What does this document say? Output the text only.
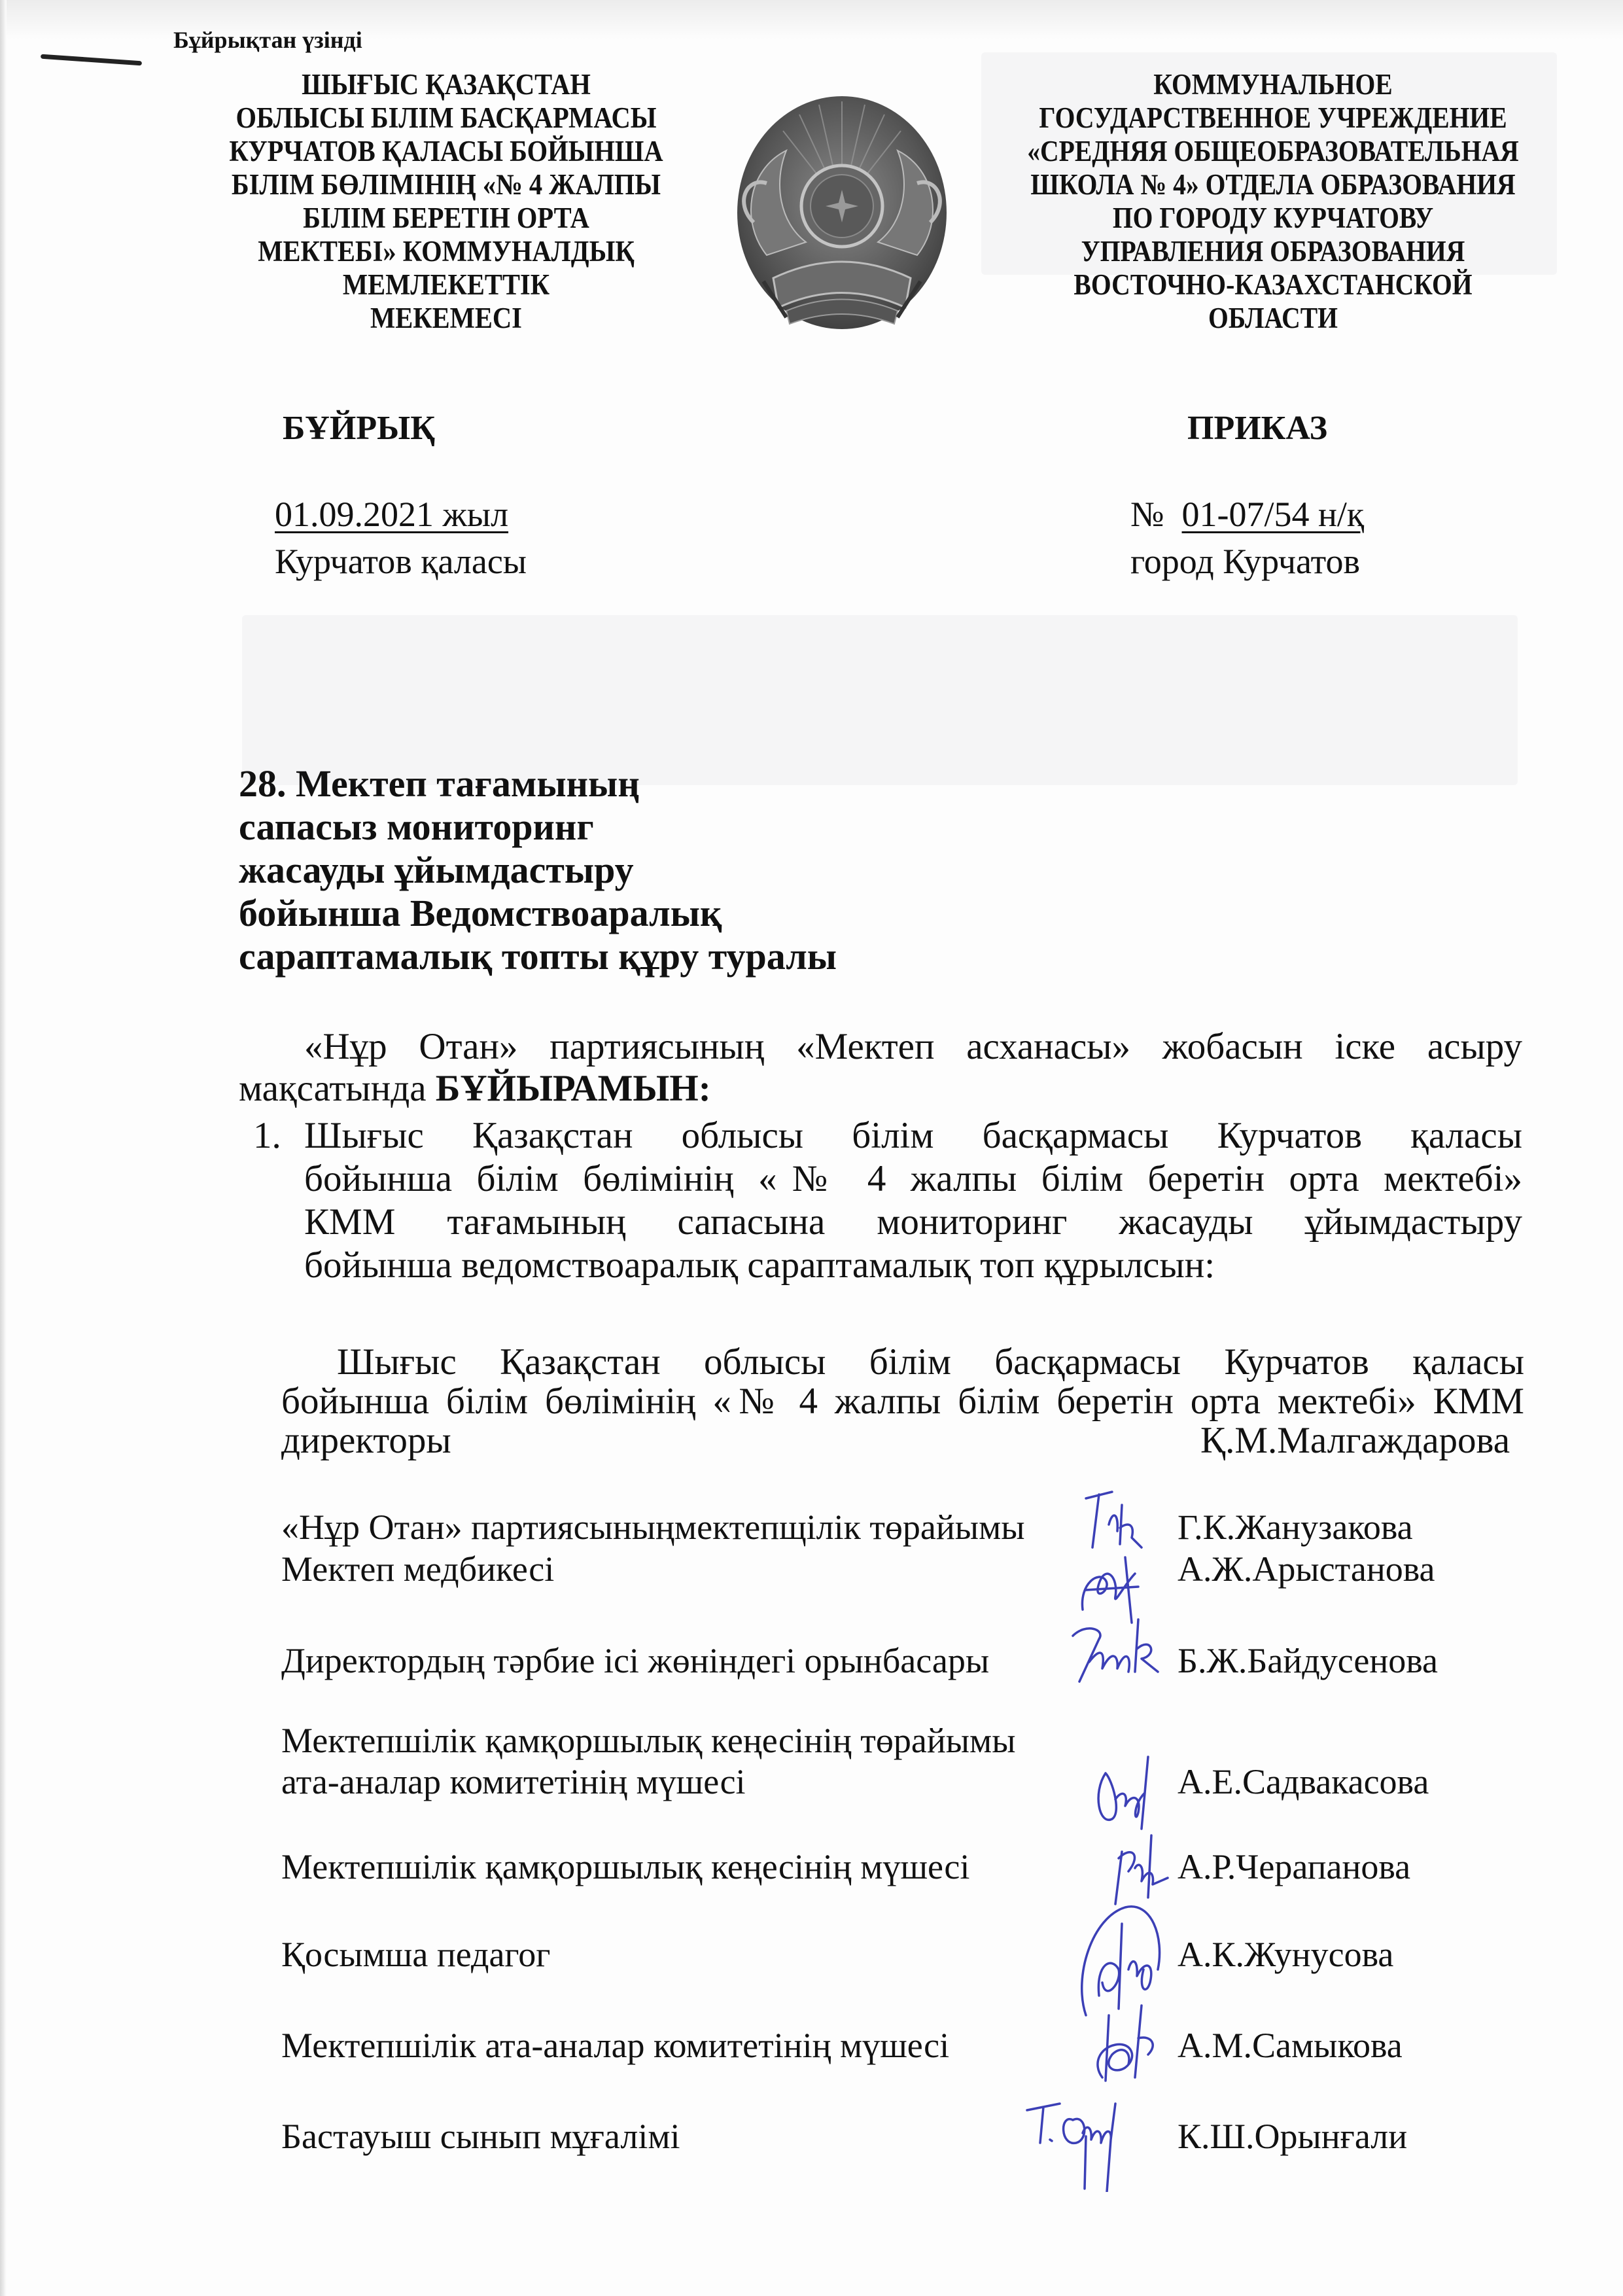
Бұйрықтан үзінді
ШЫҒЫС ҚАЗАҚСТАН
ОБЛЫСЫ БІЛІМ БАСҚАРМАСЫ
КУРЧАТОВ ҚАЛАСЫ БОЙЫНША
БІЛІМ БӨЛІМІНІҢ «№ 4 ЖАЛПЫ
БІЛІМ БЕРЕТІН ОРТА
МЕКТЕБІ» КОММУНАЛДЫҚ
МЕМЛЕКЕТТІК
МЕКЕМЕСІ
КОММУНАЛЬНОЕ
ГОСУДАРСТВЕННОЕ УЧРЕЖДЕНИЕ
«СРЕДНЯЯ ОБЩЕОБРАЗОВАТЕЛЬНАЯ
ШКОЛА № 4» ОТДЕЛА ОБРАЗОВАНИЯ
ПО ГОРОДУ КУРЧАТОВУ
УПРАВЛЕНИЯ ОБРАЗОВАНИЯ
ВОСТОЧНО-КАЗАХСТАНСКОЙ
ОБЛАСТИ
БҰЙРЫҚ	ПРИКАЗ
01.09.2021 жыл
Курчатов қаласы
№ 01-07/54 н/қ
город Курчатов
28. Мектеп тағамының
сапасыз мониторинг
жасауды ұйымдастыру
бойынша Ведомствоаралық
сараптамалық топты құру туралы
«Нұр Отан» партиясының «Мектеп асханасы» жобасын іске асыру
мақсатында БҰЙЫРАМЫН:
1. Шығыс Қазақстан облысы білім басқармасы Курчатов қаласы
бойынша білім бөлімінің «№ 4 жалпы білім беретін орта мектебі»
КММ тағамының сапасына мониторинг жасауды ұйымдастыру
бойынша ведомствоаралық сараптамалық топ құрылсын:
Шығыс Қазақстан облысы білім басқармасы Курчатов қаласы
бойынша білім бөлімінің «№ 4 жалпы білім беретін орта мектебі» КММ
директоры	Қ.М.Малгаждарова
«Нұр Отан» партиясыныңмектепщілік төрайымы	Г.К.Жанузакова
Мектеп медбикесі	А.Ж.Арыстанова
Директордың тәрбие ісі жөніндегі орынбасары	Б.Ж.Байдусенова
Мектепшілік қамқоршылық кеңесінің төрайымы
ата-аналар комитетінің мүшесі	А.Е.Садвакасова
Мектепшілік қамқоршылық кеңесінің мүшесі	А.Р.Черапанова
Қосымша педагог	А.К.Жунусова
Мектепшілік ата-аналар комитетінің мүшесі	А.М.Самыкова
Бастауыш сынып мұғалімі	К.Ш.Орынғали
